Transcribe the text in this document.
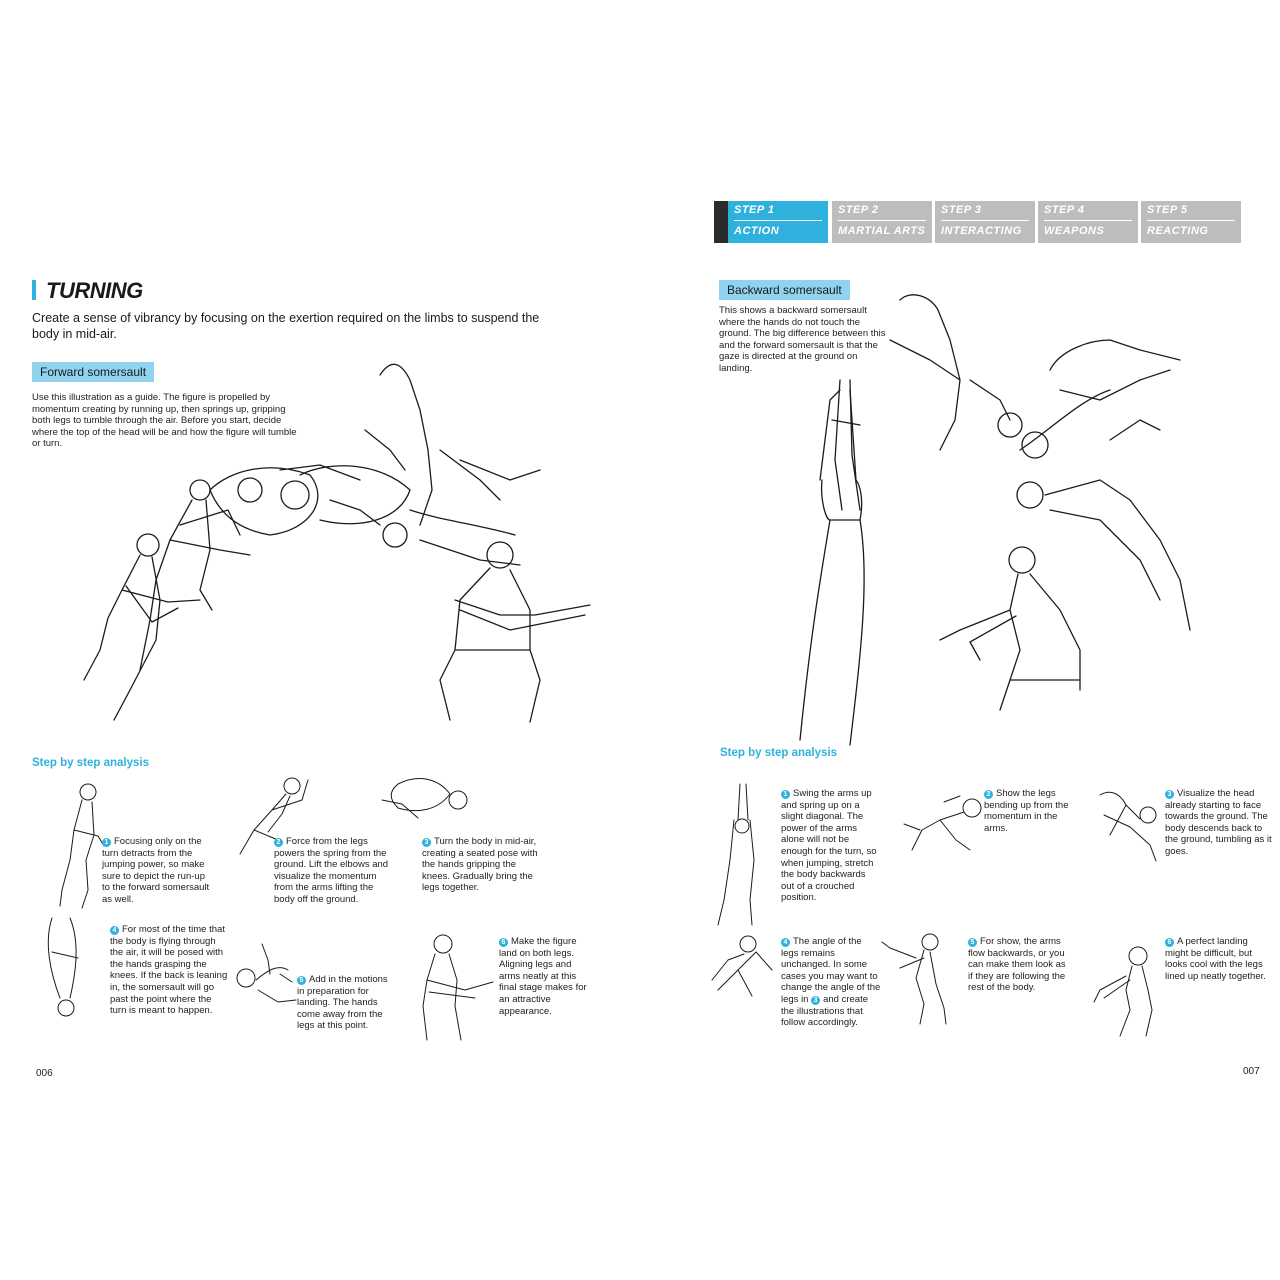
STEP 1
ACTION
STEP 2
MARTIAL ARTS
STEP 3
INTERACTING
STEP 4
WEAPONS
STEP 5
REACTING
TURNING
Create a sense of vibrancy by focusing on the exertion required on the limbs to suspend the body in mid-air.
Forward somersault
Use this illustration as a guide. The figure is propelled by momentum creating by running up, then springs up, gripping both legs to tumble through the air. Before you start, decide where the top of the head will be and how the figure will tumble or turn.
Step by step analysis
1 Focusing only on the turn detracts from the jumping power, so make sure to depict the run-up to the forward somersault as well.
2 Force from the legs powers the spring from the ground. Lift the elbows and visualize the momentum from the arms lifting the body off the ground.
3 Turn the body in mid-air, creating a seated pose with the hands gripping the knees. Gradually bring the legs together.
4 For most of the time that the body is flying through the air, it will be posed with the hands grasping the knees. If the back is leaning in, the somersault will go past the point where the turn is meant to happen.
5 Add in the motions in preparation for landing. The hands come away from the legs at this point.
6 Make the figure land on both legs. Aligning legs and arms neatly at this final stage makes for an attractive appearance.
006
Backward somersault
This shows a backward somersault where the hands do not touch the ground. The big difference between this and the forward somersault is that the gaze is directed at the ground on landing.
Step by step analysis
1 Swing the arms up and spring up on a slight diagonal. The power of the arms alone will not be enough for the turn, so when jumping, stretch the body backwards out of a crouched position.
2 Show the legs bending up from the momentum in the arms.
3 Visualize the head already starting to face towards the ground. The body descends back to the ground, tumbling as it goes.
4 The angle of the legs remains unchanged. In some cases you may want to change the angle of the legs in 3 and create the illustrations that follow accordingly.
5 For show, the arms flow backwards, or you can make them look as if they are following the rest of the body.
6 A perfect landing might be difficult, but looks cool with the legs lined up neatly together.
007
